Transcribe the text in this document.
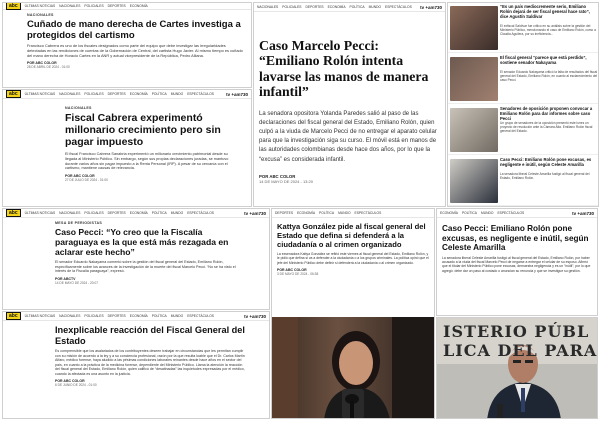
abc	ÚLTIMAS NOTICIAS NACIONALES POLICIALES DEPORTES ECONOMÍA
NACIONALES
Cuñado de mano derecha de Cartes investiga a protegidos del cartismo
Francisco Cabrera es uno de los fiscales designados como parte del equipo que debe investigar las irregularidades detectadas en las rendiciones de cuentas de la Gobernación de Central, del cartista Hugo Javier. Al mismo tiempo es cuñado del mano derecha de Horacio Cartes en la ANR y actual vicepresidente de la República, Pedro Alliana.
POR ABC COLOR
28 DE ABRIL DE 2024 - 01:00
abc	ÚLTIMAS NOTICIAS NACIONALES POLICIALES DEPORTES ECONOMÍA POLÍTICA MUNDO ESPECTÁCULOS	tv +am730
NACIONALES
Fiscal Cabrera experimentó millonario crecimiento pero sin pagar impuesto
El fiscal Francisco Cabrera Sanabria experimentó un millonario crecimiento patrimonial desde su llegada al Ministerio Público. Sin embargo, según sus propias declaraciones juradas, se mantuvo durante varios años sin pagar impuesto a la Renta Personal (IRP). A pesar de su cercanía con el cartismo, mantiene causas de relevancia.
POR ABC COLOR
27 DE JULIO DE 2024 - 01:00
abc	ÚLTIMAS NOTICIAS NACIONALES POLICIALES DEPORTES ECONOMÍA POLÍTICA MUNDO ESPECTÁCULOS	tv +am730
MESA DE PERIODISTAS
Caso Pecci: “Yo creo que la Fiscalía paraguaya es la que está más rezagada en aclarar este hecho”
El senador Eduardo Nakayama comentó sobre la gestión del fiscal general del Estado, Emiliano Rolón, específicamente sobre los avances de la investigación de la muerte del fiscal Marcelo Pecci. “No se ha visto el interés de la Fiscalía paraguaya”, expresó.
POR ABCTV
14 DE MAYO DE 2024 - 20:07
abc	ÚLTIMAS NOTICIAS NACIONALES POLICIALES DEPORTES ECONOMÍA POLÍTICA MUNDO ESPECTÁCULOS	tv +am730
Inexplicable reacción del Fiscal General del Estado
Es comprensible que los asalariados de los contribuyentes deseen trabajar en circunstancias que les permitan cumplir con su misión de acuerdo a la ley y a su conciencia profesional, razón por la que resulta loable que el Dr. Carlos Martín Alfaro, médico forense, haya aludido a las pésimas condiciones laborales reinantes desde hace años en el sector del país, en cuanto a la práctica de la medicina forense, dependiente del Ministerio Público. Llama la atención la reacción del fiscal general del Estado, Emiliano Rolón, quien calificó de “desatinadas” las inquietudes expresadas por el médico, cuando la afectada es una asunto en la justicia.
POR ABC COLOR
6 DE JUNIO DE 2024 - 01:00
NACIONALES POLICIALES DEPORTES ECONOMÍA POLÍTICA MUNDO ESPECTÁCULOS tv +am730
Caso Marcelo Pecci: “Emiliano Rolón intenta lavarse las manos de manera infantil”
La senadora opositora Yolanda Paredes salió al paso de las declaraciones del fiscal general del Estado, Emiliano Rolón, quien culpó a la viuda de Marcelo Pecci de no entregar el aparato celular para que la investigación siga su curso. El móvil está en manos de las autoridades colombianas desde hace dos años, por lo que la “excusa” es considerada infantil.
POR ABC COLOR
14 DE MAYO DE 2024 - 13:20
DEPORTES ECONOMÍA POLÍTICA MUNDO ESPECTÁCULOS
Kattya González pide al fiscal general del Estado que defina si defenderá a la ciudadanía o al crimen organizado
La exsenadora Kattya González se refirió este viernes al fiscal general del Estado, Emiliano Rolón, y le pidió que defina si va a defender a la ciudadanía o a los grupos criminales. La política opinó que el jefe del Ministerio Público debe definir si defenderá a la ciudadanía o al crimen organizado.
POR ABC COLOR
3 DE MAYO DE 2024 - 06:38
ECONOMÍA POLÍTICA MUNDO ESPECTÁCULOS	tv +am730
Caso Pecci: Emiliano Rolón pone excusas, es negligente e inútil, según Celeste Amarilla
La senadora liberal Celeste Amarilla fustigó al fiscal general del Estado, Emiliano Rolón, por haber acusado a la viuda del fiscal Marcelo Pecci de negarse a entregar el celular de su esposo. Afirmó que el titular del Ministerio Público pone excusas, demuestra negligencia y es un “inútil”, por lo que agregó: debe dar un paso al costado o anuncian su renuncia y que se investigue su gestión.
ISTERIO PÚBL
LICA DEL PARA
“Es un país mediocremente serio, Emiliano Rolón dejará de ser fiscal general hace rato”, dice Agustín Saldívar
El exfiscal Saldívar fue crítico en su análisis sobre la gestión del Ministerio Público, mencionando el caso de Emiliano Rolón, como a Claudia Aguilera, por su ineficiencia...
El fiscal general “parece que está perdido”, sostiene senador Nakayama
El senador Eduardo Nakayama criticó la falta de resultados del fiscal general del Estado, Emiliano Rolón, en cuanto al esclarecimiento del caso Pecci.
Senadores de oposición proponen convocar a Emiliano Rolón para dar informes sobre caso Pecci
Un grupo de senadores de la oposición presentó este lunes un proyecto de resolución ante la Cámara Alta. Emiliano Rolón fiscal general del Estado.
Caso Pecci: Emiliano Rolón pone excusas, es negligente e inútil, según Celeste Amarilla
La senadora liberal Celeste Amarilla fustigó al fiscal general del Estado, Emiliano Rolón.
